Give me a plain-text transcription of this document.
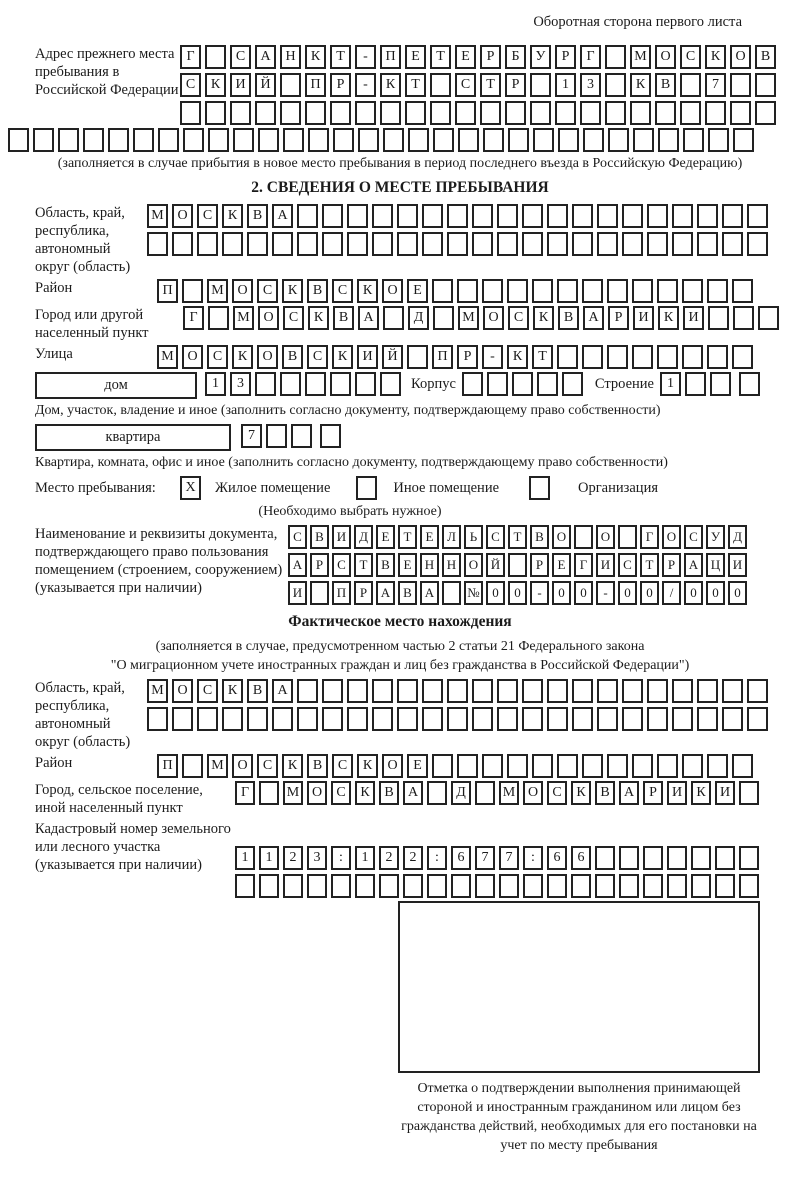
Оборотная сторона первого листа
Адрес прежнего места пребывания в Российской Федерации
Г	С	А	Н	К	Т	-	П	Е	Т	Е	Р	Б	У	Р	Г	М О	С	К	О	В
С	К	И	Й	П	Р	-	К	Т	С	Т	Р	1	3	К	В	7
(заполняется в случае прибытия в новое место пребывания в период последнего въезда в Российскую Федерацию)
2. СВЕДЕНИЯ О МЕСТЕ ПРЕБЫВАНИЯ
Область, край, республика, автономный округ (область)
М О	С	К	В	А
Район	П	М О	С	К	В	С	К	О	Е
Город или другой населенный пункт
Г	М О	С	К	В	А	Д	М О	С	К	В	А	Р	И	К	И
Улица	М О	С	К	О	В	С	К	И	Й	П	Р	-	К	Т
дом	1	3	Корпус	Строение 1
Дом, участок, владение и иное (заполнить согласно документу, подтверждающему право собственности)
квартира	7
Квартира, комната, офис и иное (заполнить согласно документу, подтверждающему право собственности)
Место пребывания:	X	Жилое помещение	Иное помещение	Организация
(Необходимо выбрать нужное)
Наименование и реквизиты документа, подтверждающего право пользования помещением (строением, сооружением) (указывается при наличии)
С	В И Д	Е	Т	Е	Л	Ь	С	Т	В О	О	Г	О С	У Д
А	Р	С	Т	В	Е	Н Н О Й	Р	Е	Г	И С	Т	Р	А Ц И
И	П	Р	А В А	№ 0	0	-	0	0	-	0	0	/	0	0	0
Фактическое место нахождения
(заполняется в случае, предусмотренном частью 2 статьи 21 Федерального закона
"О миграционном учете иностранных граждан и лиц без гражданства в Российской Федерации")
Область, край, республика, автономный округ (область)
М О	С	К	В	А
Район	П	М О	С	К	В	С	К	О	Е
Город, сельское поселение, иной населенный пункт
Г	М О	С	К	В	А	Д	М О	С	К	В	А	Р	И	К	И
Кадастровый номер земельного или лесного участка (указывается при наличии)	1	1	2	3	:	1	2	2	:	6	7	7	:	6	6
Отметка о подтверждении выполнения принимающей стороной и иностранным гражданином или лицом без гражданства действий, необходимых для его постановки на учет по месту пребывания
